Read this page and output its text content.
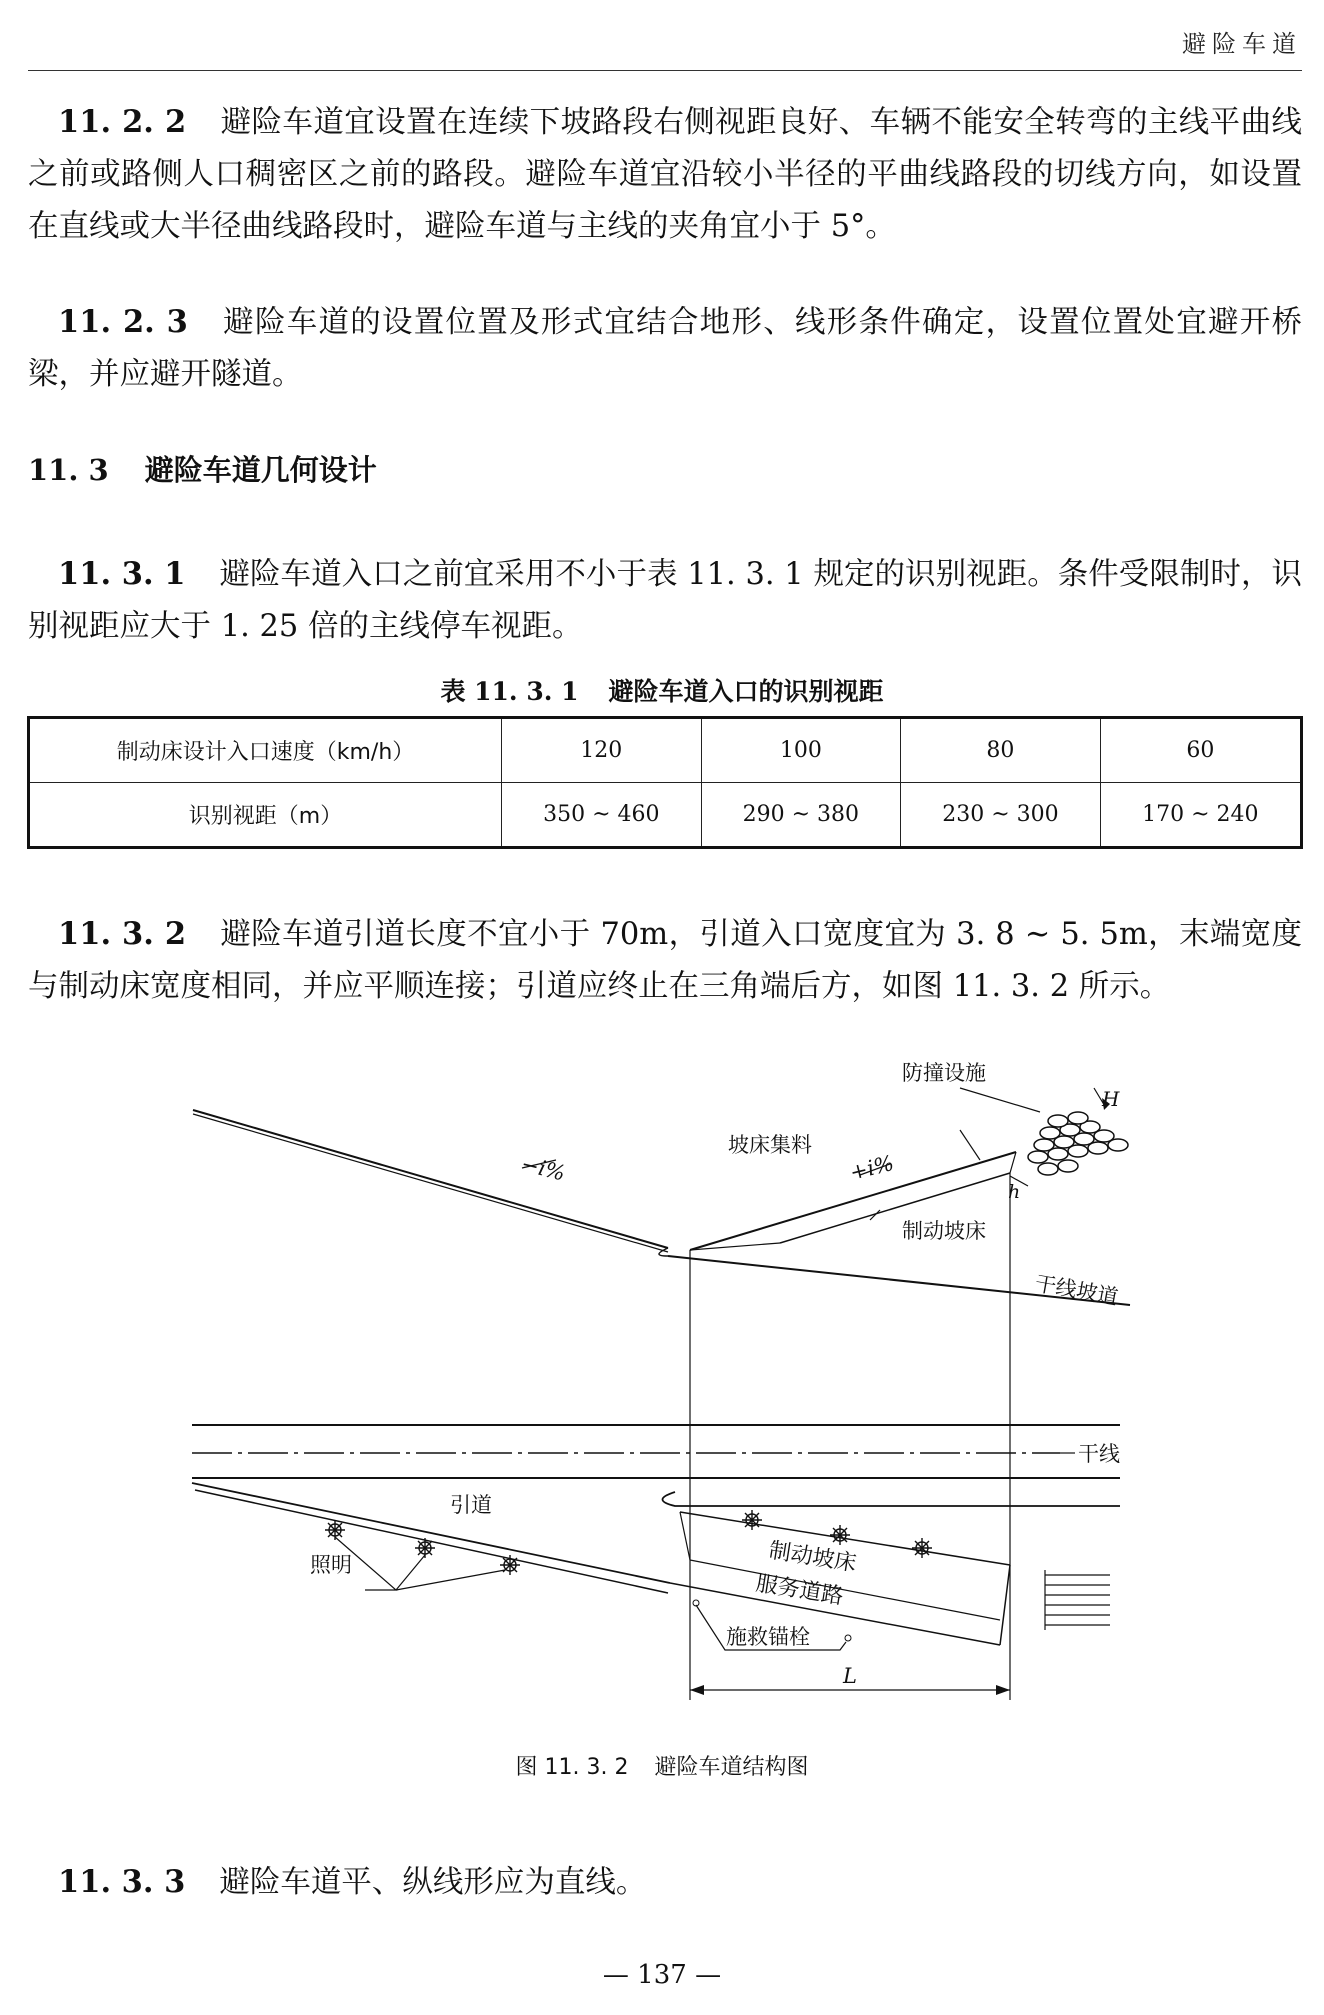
避险车道
11. 2. 2 避险车道宜设置在连续下坡路段右侧视距良好、车辆不能安全转弯的主线平曲线之前或路侧人口稠密区之前的路段。避险车道宜沿较小半径的平曲线路段的切线方向，如设置在直线或大半径曲线路段时，避险车道与主线的夹角宜小于 5°。
11. 2. 3 避险车道的设置位置及形式宜结合地形、线形条件确定，设置位置处宜避开桥梁，并应避开隧道。
11. 3 避险车道几何设计
11. 3. 1 避险车道入口之前宜采用不小于表 11. 3. 1 规定的识别视距。条件受限制时，识别视距应大于 1. 25 倍的主线停车视距。
表 11. 3. 1 避险车道入口的识别视距
制动床设计入口速度（km/h）	120	100	80	60
识别视距（m）	350 ~ 460	290 ~ 380	230 ~ 300	170 ~ 240
11. 3. 2 避险车道引道长度不宜小于 70m，引道入口宽度宜为 3. 8 ~ 5. 5m，末端宽度与制动床宽度相同，并应平顺连接；引道应终止在三角端后方，如图 11. 3. 2 所示。
防撞设施
H
h
坡床集料
−i%	+i%
制动坡床
干线坡道
干线
引道
照明	制动坡床
服务道路
施救锚栓
L
图 11. 3. 2 避险车道结构图
11. 3. 3 避险车道平、纵线形应为直线。
— 137 —
